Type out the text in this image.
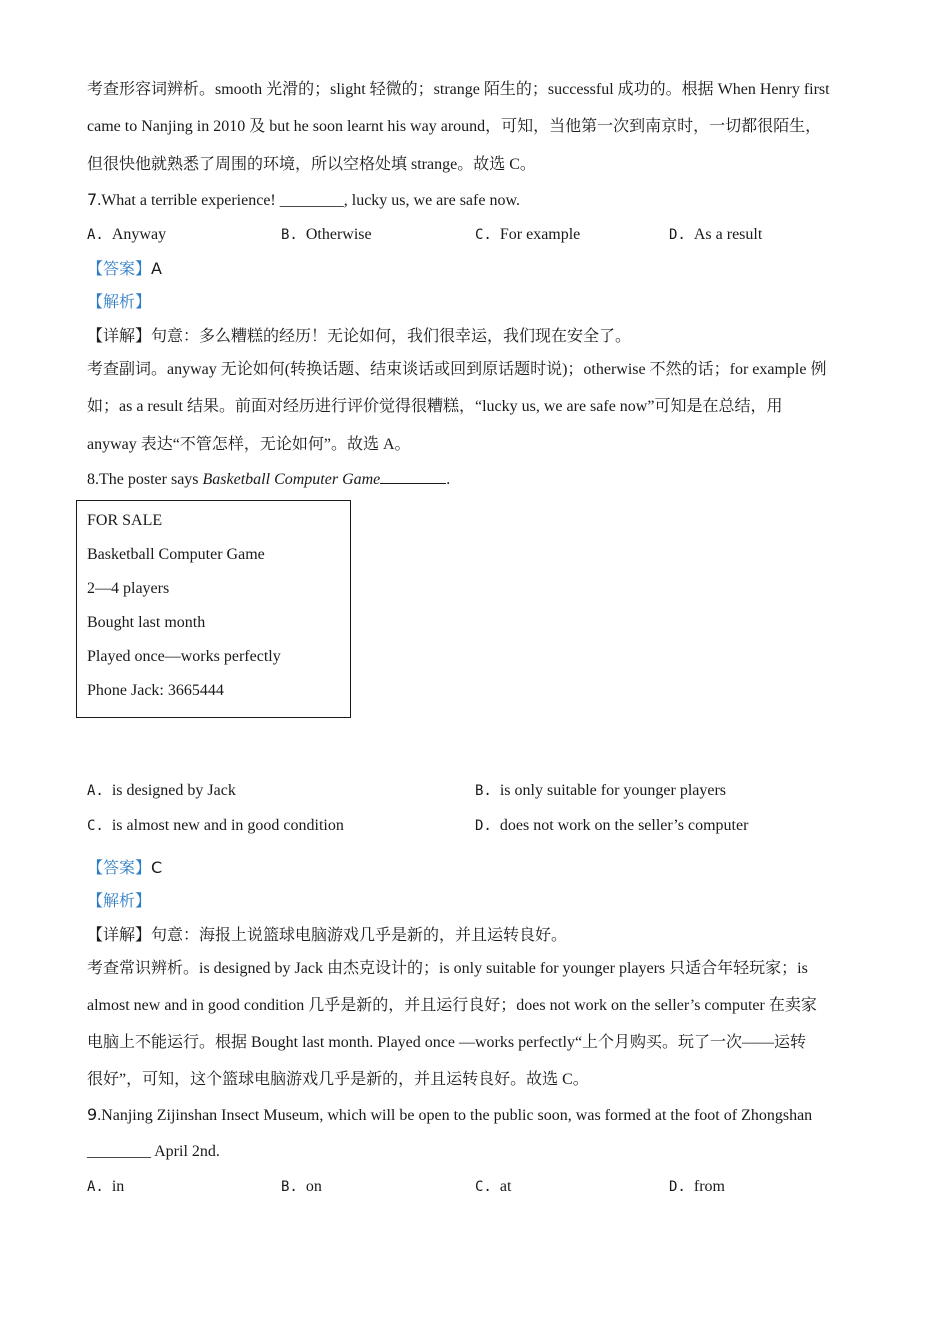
考查形容词辨析。smooth 光滑的；slight 轻微的；strange 陌生的；successful 成功的。根据 When Henry first
came to Nanjing in 2010 及 but he soon learnt his way around，可知，当他第一次到南京时，一切都很陌生，
但很快他就熟悉了周围的环境，所以空格处填 strange。故选 C。
7.What a terrible experience! ________, lucky us, we are safe now.
A. Anyway	B. Otherwise	C. For example	D. As a result
【答案】A
【解析】
【详解】句意：多么糟糕的经历！无论如何，我们很幸运，我们现在安全了。
考查副词。anyway 无论如何(转换话题、结束谈话或回到原话题时说)；otherwise 不然的话；for example 例
如；as a result 结果。前面对经历进行评价觉得很糟糕，“lucky us, we are safe now”可知是在总结，用
anyway 表达“不管怎样，无论如何”。故选 A。
8.The poster says Basketball Computer Game	.
FOR SALE
Basketball Computer Game
2—4 players
Bought last month
Played once—works perfectly
Phone Jack: 3665444
A. is designed by Jack	B. is only suitable for younger players
C. is almost new and in good condition	D. does not work on the seller’s computer
【答案】C
【解析】
【详解】句意：海报上说篮球电脑游戏几乎是新的，并且运转良好。
考查常识辨析。is designed by Jack 由杰克设计的；is only suitable for younger players 只适合年轻玩家；is
almost new and in good condition 几乎是新的，并且运行良好；does not work on the seller’s computer 在卖家
电脑上不能运行。根据 Bought last month. Played once —works perfectly“上个月购买。玩了一次——运转
很好”，可知，这个篮球电脑游戏几乎是新的，并且运转良好。故选 C。
9.Nanjing Zijinshan Insect Museum, which will be open to the public soon, was formed at the foot of Zhongshan
________ April 2nd.
A. in	B. on	C. at	D. from
